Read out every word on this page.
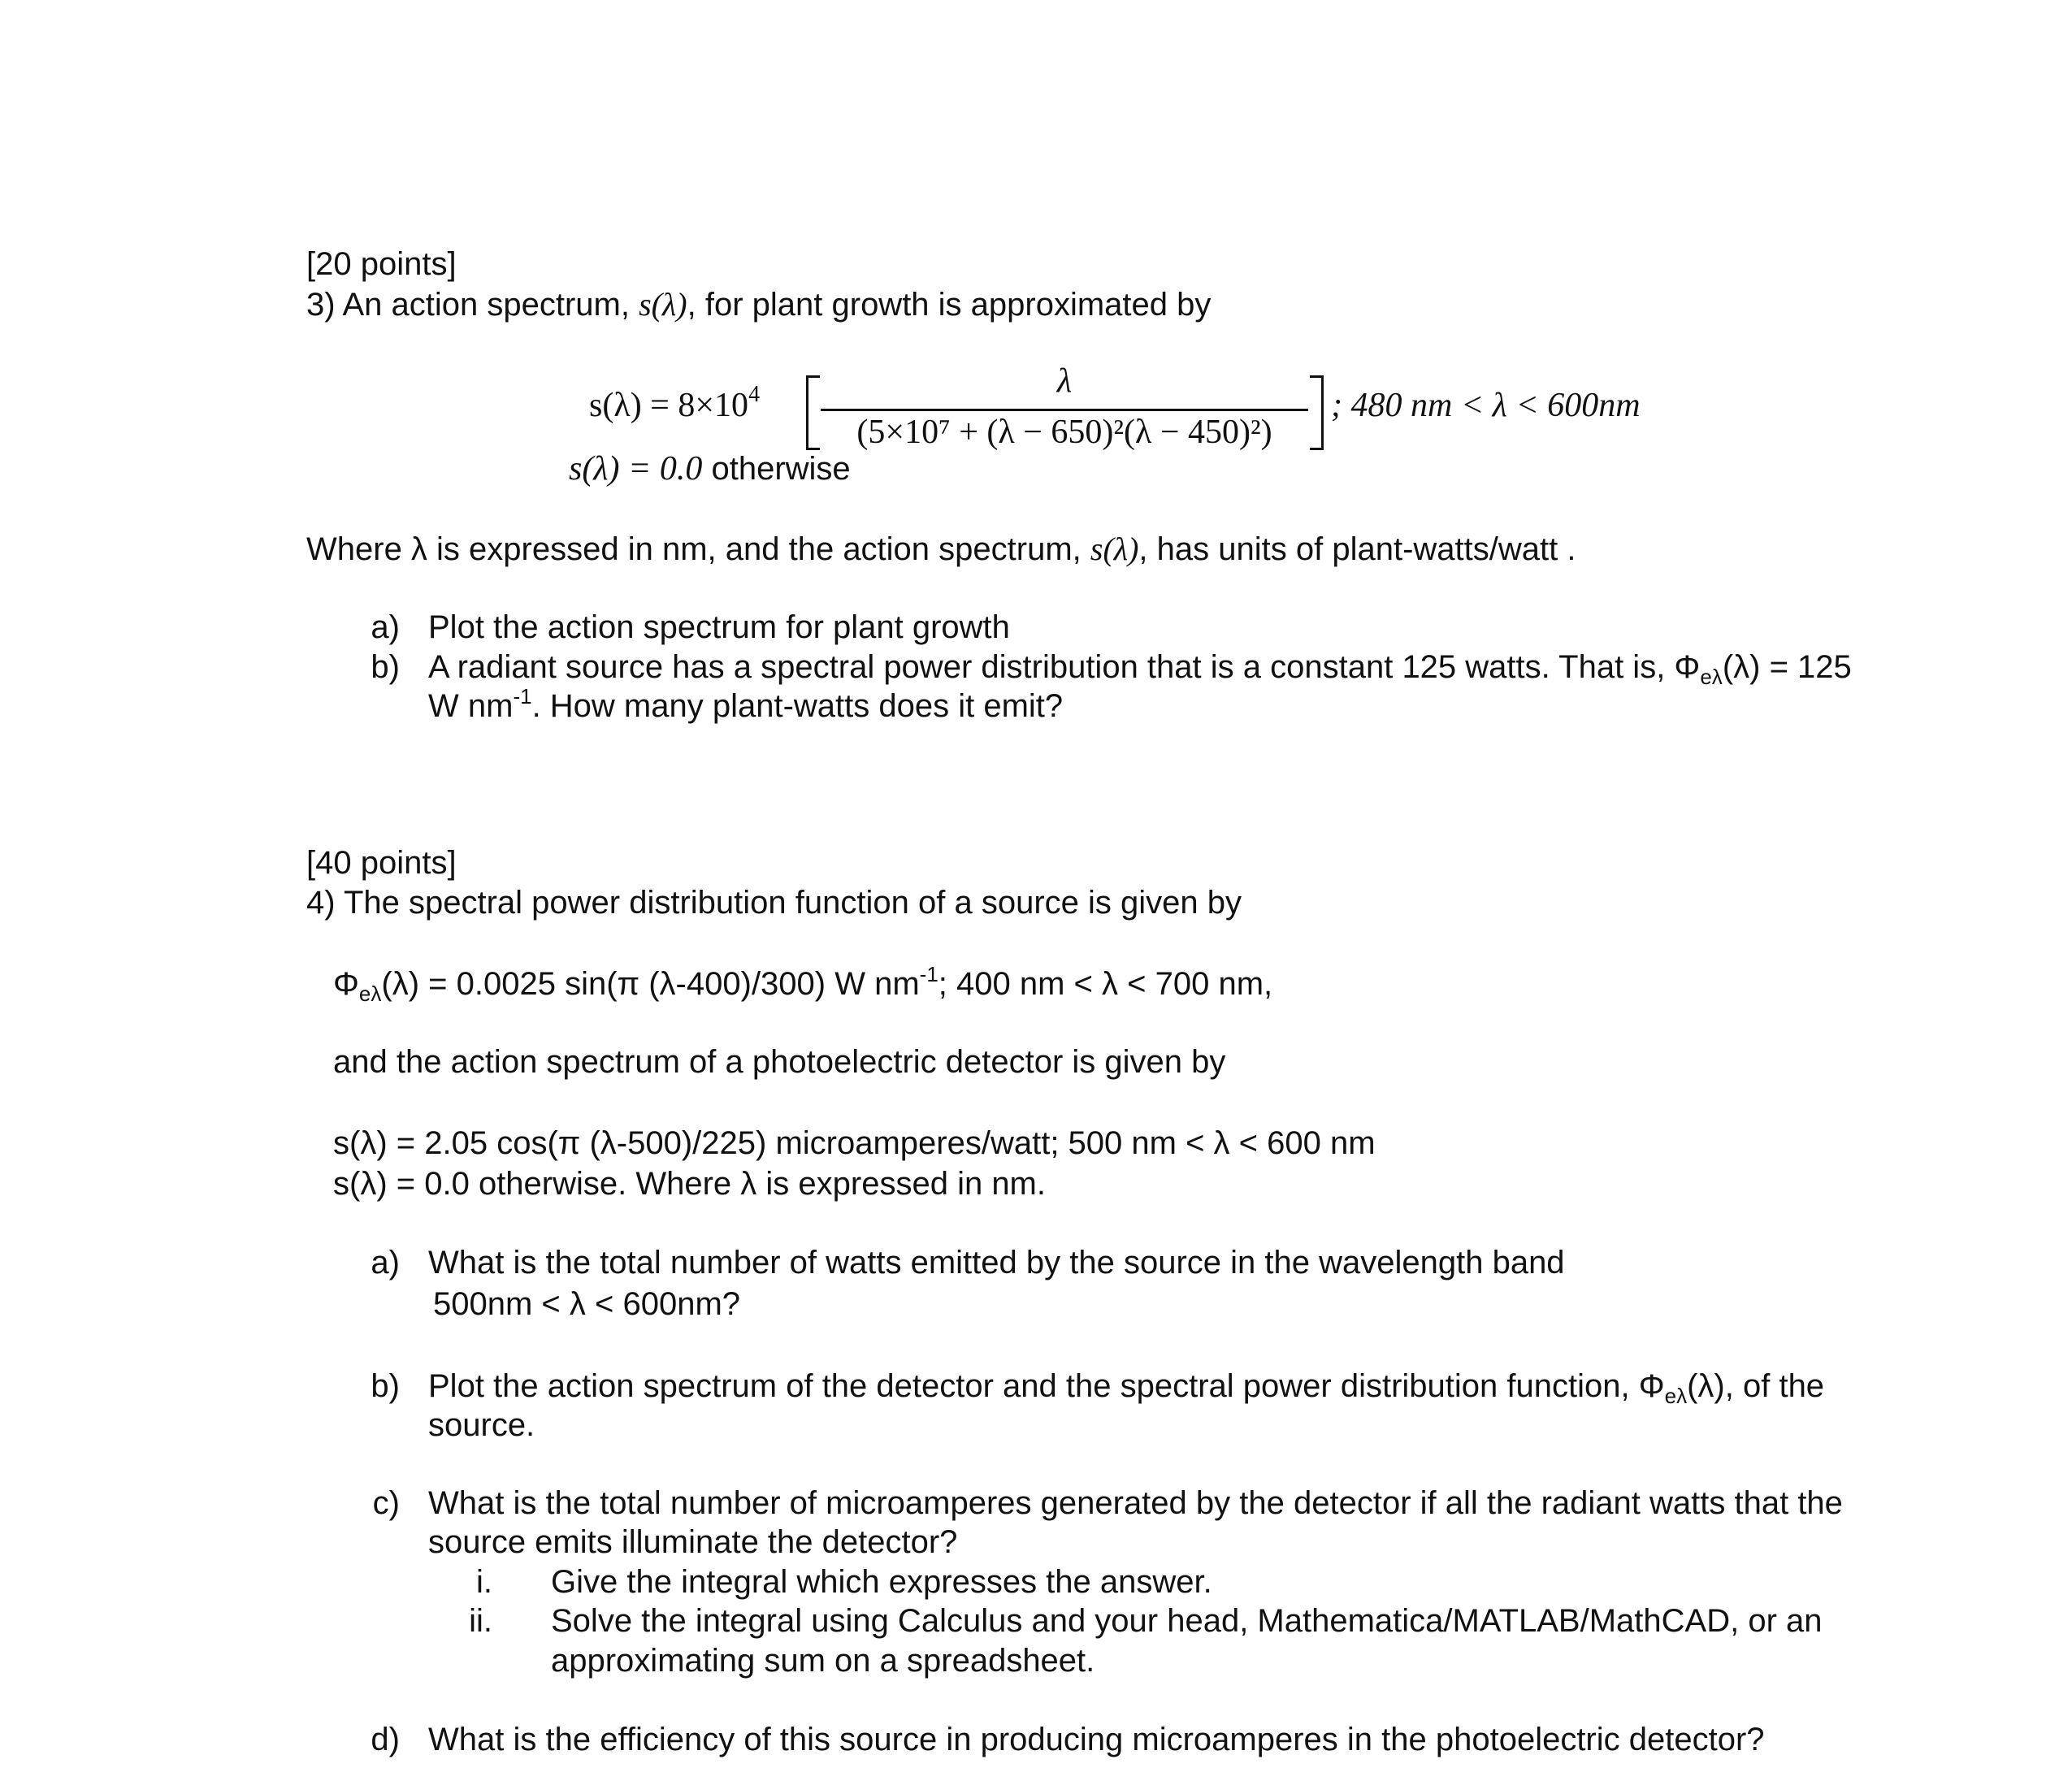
[20 points]
3) An action spectrum, s(λ), for plant growth is approximated by
$s(\lambda) = 8\times 10^4$	λ
(5×10⁷ + (λ − 650)²(λ − 450)²)
; 480 nm < λ < 600nm
s(λ) = 0.0 otherwise
Where λ is expressed in nm, and the action spectrum, s(λ), has units of plant-watts/watt .
a) Plot the action spectrum for plant growth
b) A radiant source has a spectral power distribution that is a constant 125 watts. That is, $\Phi_{e\lambda}(\lambda) = 125$
W $nm^{-1}$. How many plant-watts does it emit?
[40 points]
4) The spectral power distribution function of a source is given by
$\Phi_{e\lambda}(\lambda) = 0.0025$ sin(π (λ-400)/300) W $nm^{-1}$; 400 nm < λ < 700 nm,
and the action spectrum of a photoelectric detector is given by
s(λ) = 2.05 cos(π (λ-500)/225) microamperes/watt; 500 nm < λ < 600 nm
s(λ) = 0.0 otherwise. Where λ is expressed in nm.
a) What is the total number of watts emitted by the source in the wavelength band
500nm < λ < 600nm?
b) Plot the action spectrum of the detector and the spectral power distribution function, $\Phi_{e\lambda}(\lambda)$, of the
source.
c) What is the total number of microamperes generated by the detector if all the radiant watts that the
source emits illuminate the detector?
i. Give the integral which expresses the answer.
ii. Solve the integral using Calculus and your head, Mathematica/MATLAB/MathCAD, or an
approximating sum on a spreadsheet.
d) What is the efficiency of this source in producing microamperes in the photoelectric detector?
